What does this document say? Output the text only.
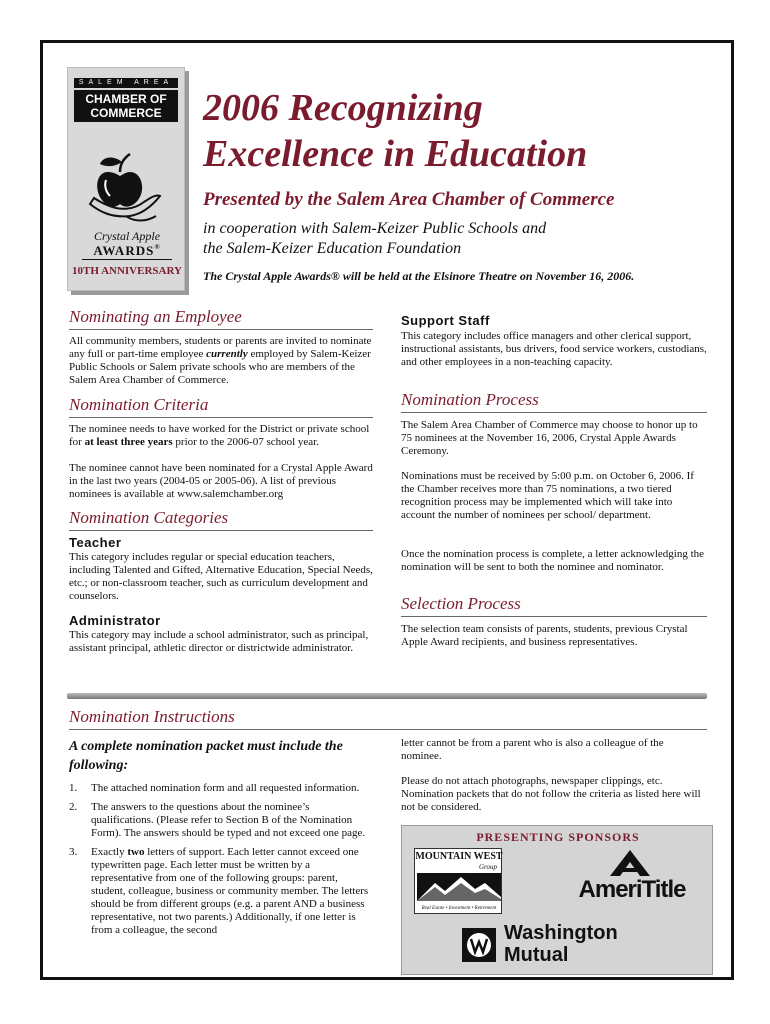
SALEM AREA
CHAMBER OF
COMMERCE
Crystal Apple
AWARDS®
10TH ANNIVERSARY
2006 Recognizing
Excellence in Education
Presented by the Salem Area Chamber of Commerce
in cooperation with Salem-Keizer Public Schools and
the Salem-Keizer Education Foundation
The Crystal Apple Awards® will be held at the Elsinore Theatre on November 16, 2006.
Nominating an Employee
All community members, students or parents are invited to nominate any full or part-time employee currently employed by Salem-Keizer Public Schools or Salem private schools who are members of the Salem Area Chamber of Commerce.
Nomination Criteria
The nominee needs to have worked for the District or private school for at least three years prior to the 2006-07 school year.
The nominee cannot have been nominated for a Crystal Apple Award in the last two years (2004-05 or 2005-06). A list of previous nominees is available at www.salemchamber.org
Nomination Categories
Teacher
This category includes regular or special education teachers, including Talented and Gifted, Alternative Education, Special Needs, etc.; or non-classroom teacher, such as curriculum development and counselors.
Administrator
This category may include a school administrator, such as principal, assistant principal, athletic director or districtwide administrator.
Support Staff
This category includes office managers and other clerical support, instructional assistants, bus drivers, food service workers, custodians, and other employees in a non-teaching capacity.
Nomination Process
The Salem Area Chamber of Commerce may choose to honor up to 75 nominees at the November 16, 2006, Crystal Apple Awards Ceremony.
Nominations must be received by 5:00 p.m. on October 6, 2006. If the Chamber receives more than 75 nominations, a two tiered recognition process may be implemented which will take into account the number of nominees per school/ department.
Once the nomination process is complete, a letter acknowledging the nomination will be sent to both the nominee and nominator.
Selection Process
The selection team consists of parents, students, previous Crystal Apple Award recipients, and business representatives.
Nomination Instructions
A complete nomination packet must include the following:
1.	The attached nomination form and all requested information.
2.	The answers to the questions about the nominee’s qualifications. (Please refer to Section B of the Nomination Form). The answers should be typed and not exceed one page.
3.	Exactly two letters of support. Each letter cannot exceed one typewritten page. Each letter must be written by a representative from one of the following groups: parent, student, colleague, business or community member. The letters should be from different groups (e.g. a parent AND a business representative, not two parents.) Additionally, if one letter is from a colleague, the second
letter cannot be from a parent who is also a colleague of the nominee.
Please do not attach photographs, newspaper clippings, etc. Nomination packets that do not follow the criteria as listed here will not be considered.
PRESENTING SPONSORS
MOUNTAIN WEST
Group
Real Estate • Investment • Retirement
AmeriTitle
Washington
Mutual
